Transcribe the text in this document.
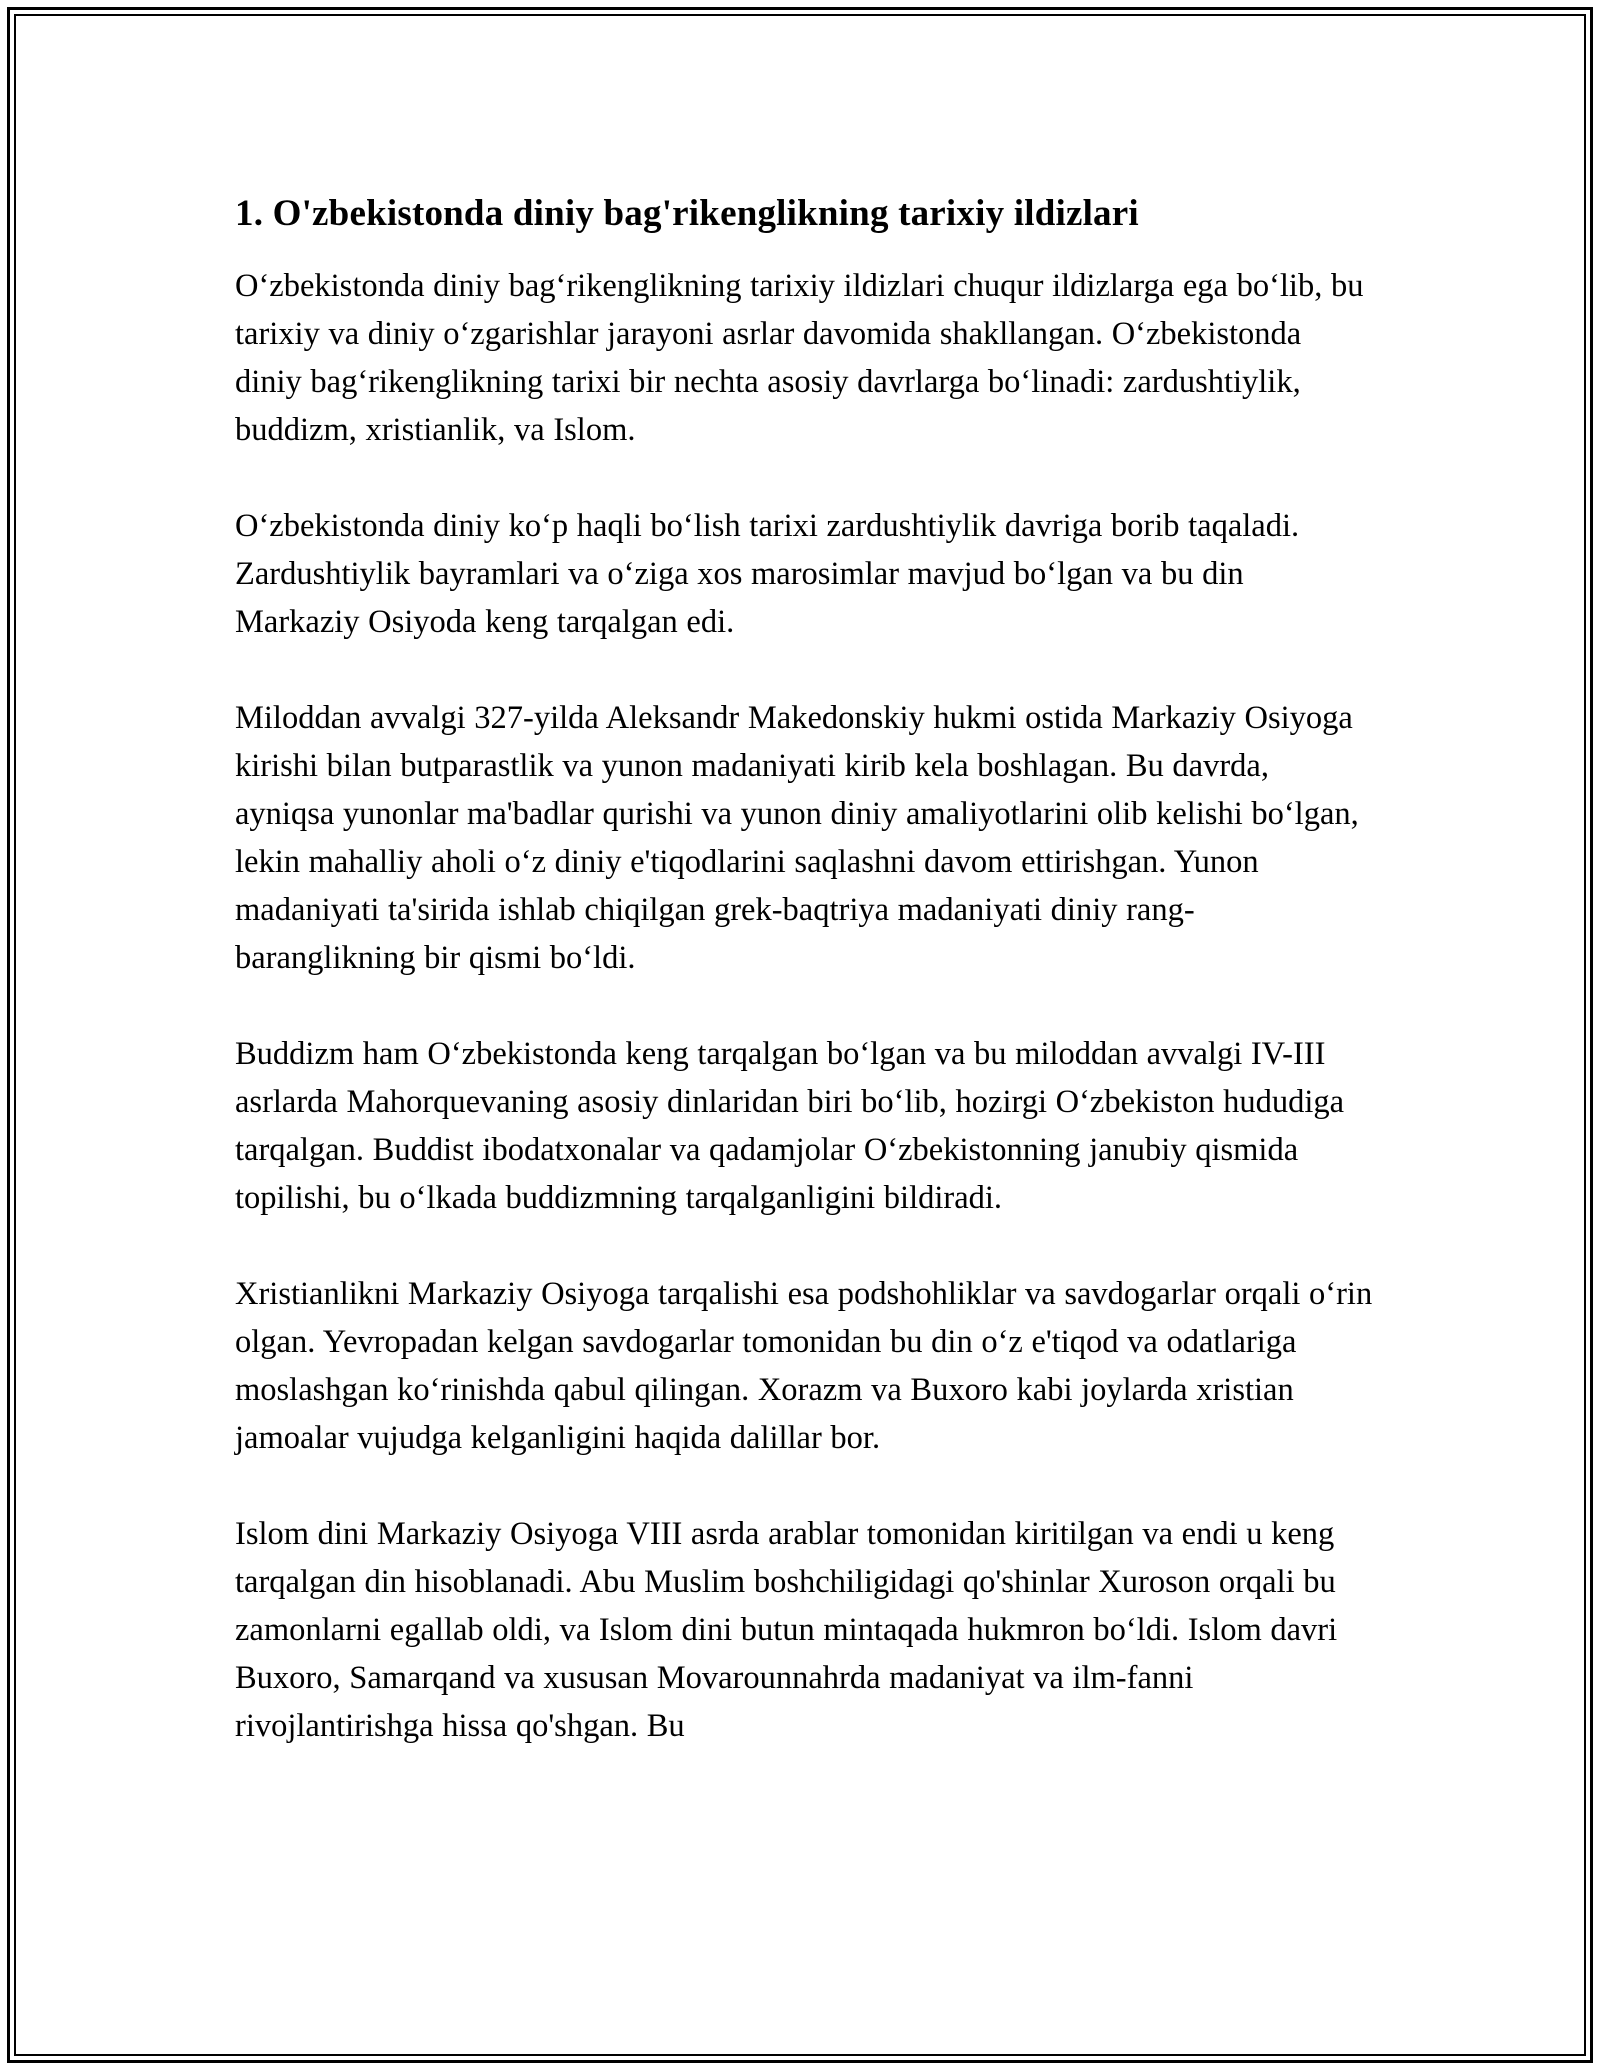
1. O'zbekistonda diniy bag'rikenglikning tarixiy ildizlari

O‘zbekistonda diniy bag‘rikenglikning tarixiy ildizlari chuqur ildizlarga ega bo‘lib, bu tarixiy va diniy o‘zgarishlar jarayoni asrlar davomida shakllangan. O‘zbekistonda diniy bag‘rikenglikning tarixi bir nechta asosiy davrlarga bo‘linadi: zardushtiylik, buddizm, xristianlik, va Islom.

O‘zbekistonda diniy ko‘p haqli bo‘lish tarixi zardushtiylik davriga borib taqaladi. Zardushtiylik bayramlari va o‘ziga xos marosimlar mavjud bo‘lgan va bu din Markaziy Osiyoda keng tarqalgan edi.

Miloddan avvalgi 327-yilda Aleksandr Makedonskiy hukmi ostida Markaziy Osiyoga kirishi bilan butparastlik va yunon madaniyati kirib kela boshlagan. Bu davrda, ayniqsa yunonlar ma'badlar qurishi va yunon diniy amaliyotlarini olib kelishi bo‘lgan, lekin mahalliy aholi o‘z diniy e'tiqodlarini saqlashni davom ettirishgan. Yunon madaniyati ta'sirida ishlab chiqilgan grek-baqtriya madaniyati diniy rang-baranglikning bir qismi bo‘ldi.

Buddizm ham O‘zbekistonda keng tarqalgan bo‘lgan va bu miloddan avvalgi IV-III asrlarda Mahorquevaning asosiy dinlaridan biri bo‘lib, hozirgi O‘zbekiston hududiga tarqalgan. Buddist ibodatxonalar va qadamjolar O‘zbekistonning janubiy qismida topilishi, bu o‘lkada buddizmning tarqalganligini bildiradi.

Xristianlikni Markaziy Osiyoga tarqalishi esa podshohliklar va savdogarlar orqali o‘rin olgan. Yevropadan kelgan savdogarlar tomonidan bu din o‘z e'tiqod va odatlariga moslashgan ko‘rinishda qabul qilingan. Xorazm va Buxoro kabi joylarda xristian jamoalar vujudga kelganligini haqida dalillar bor.

Islom dini Markaziy Osiyoga VIII asrda arablar tomonidan kiritilgan va endi u keng tarqalgan din hisoblanadi. Abu Muslim boshchiligidagi qo'shinlar Xuroson orqali bu zamonlarni egallab oldi, va Islom dini butun mintaqada hukmron bo‘ldi. Islom davri Buxoro, Samarqand va xususan Movarounnahrda madaniyat va ilm-fanni rivojlantirishga hissa qo'shgan. Bu
